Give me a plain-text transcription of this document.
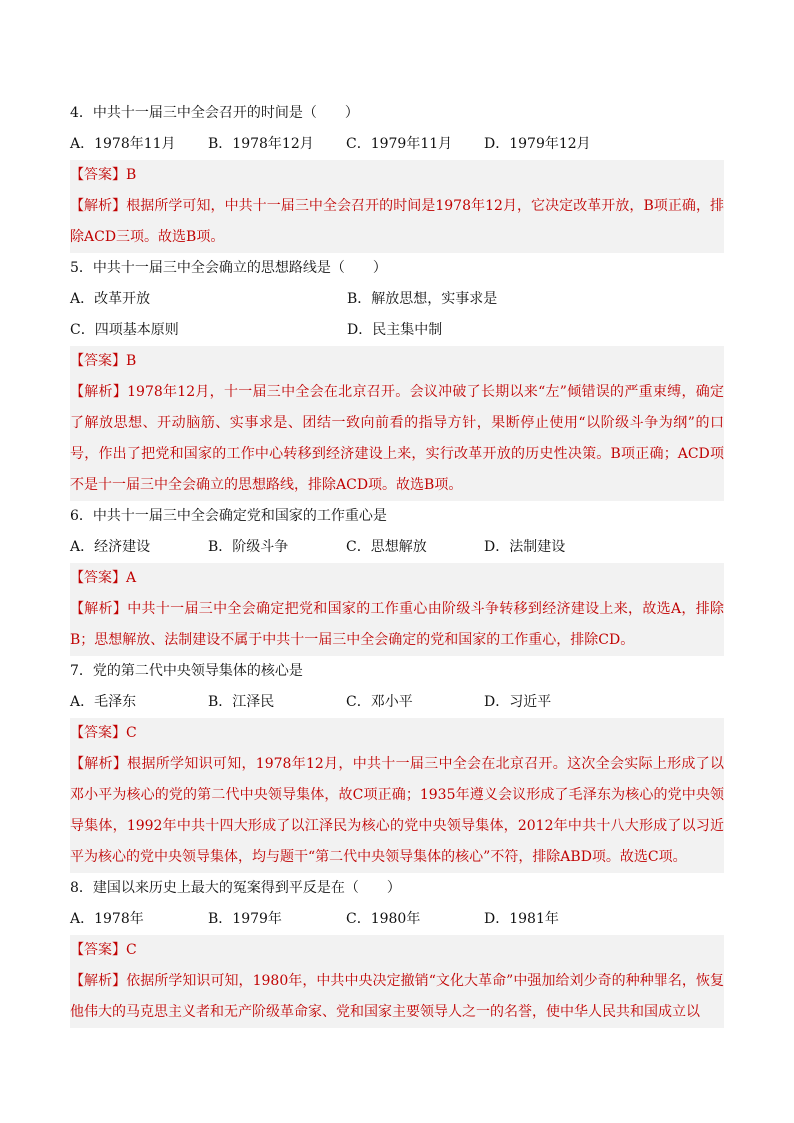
4．中共十一届三中全会召开的时间是（　　）
A．1978年11月	B．1978年12月	C．1979年11月	D．1979年12月
【答案】B
【解析】根据所学可知，中共十一届三中全会召开的时间是1978年12月，它决定改革开放，B项正确，排除ACD三项。故选B项。
5．中共十一届三中全会确立的思想路线是（　　）
A．改革开放	B．解放思想，实事求是
C．四项基本原则	D．民主集中制
【答案】B
【解析】1978年12月，十一届三中全会在北京召开。会议冲破了长期以来“左”倾错误的严重束缚，确定了解放思想、开动脑筋、实事求是、团结一致向前看的指导方针，果断停止使用“以阶级斗争为纲”的口号，作出了把党和国家的工作中心转移到经济建设上来，实行改革开放的历史性决策。B项正确；ACD项不是十一届三中全会确立的思想路线，排除ACD项。故选B项。
6．中共十一届三中全会确定党和国家的工作重心是
A．经济建设	B．阶级斗争	C．思想解放	D．法制建设
【答案】A
【解析】中共十一届三中全会确定把党和国家的工作重心由阶级斗争转移到经济建设上来，故选A，排除B；思想解放、法制建设不属于中共十一届三中全会确定的党和国家的工作重心，排除CD。
7．党的第二代中央领导集体的核心是
A．毛泽东	B．江泽民	C．邓小平	D．习近平
【答案】C
【解析】根据所学知识可知，1978年12月，中共十一届三中全会在北京召开。这次全会实际上形成了以邓小平为核心的党的第二代中央领导集体，故C项正确；1935年遵义会议形成了毛泽东为核心的党中央领导集体，1992年中共十四大形成了以江泽民为核心的党中央领导集体，2012年中共十八大形成了以习近平为核心的党中央领导集体，均与题干“第二代中央领导集体的核心”不符，排除ABD项。故选C项。
8．建国以来历史上最大的冤案得到平反是在（　　）
A．1978年	B．1979年	C．1980年	D．1981年
【答案】C
【解析】依据所学知识可知，1980年，中共中央决定撤销“文化大革命”中强加给刘少奇的种种罪名，恢复他伟大的马克思主义者和无产阶级革命家、党和国家主要领导人之一的名誉，使中华人民共和国成立以
